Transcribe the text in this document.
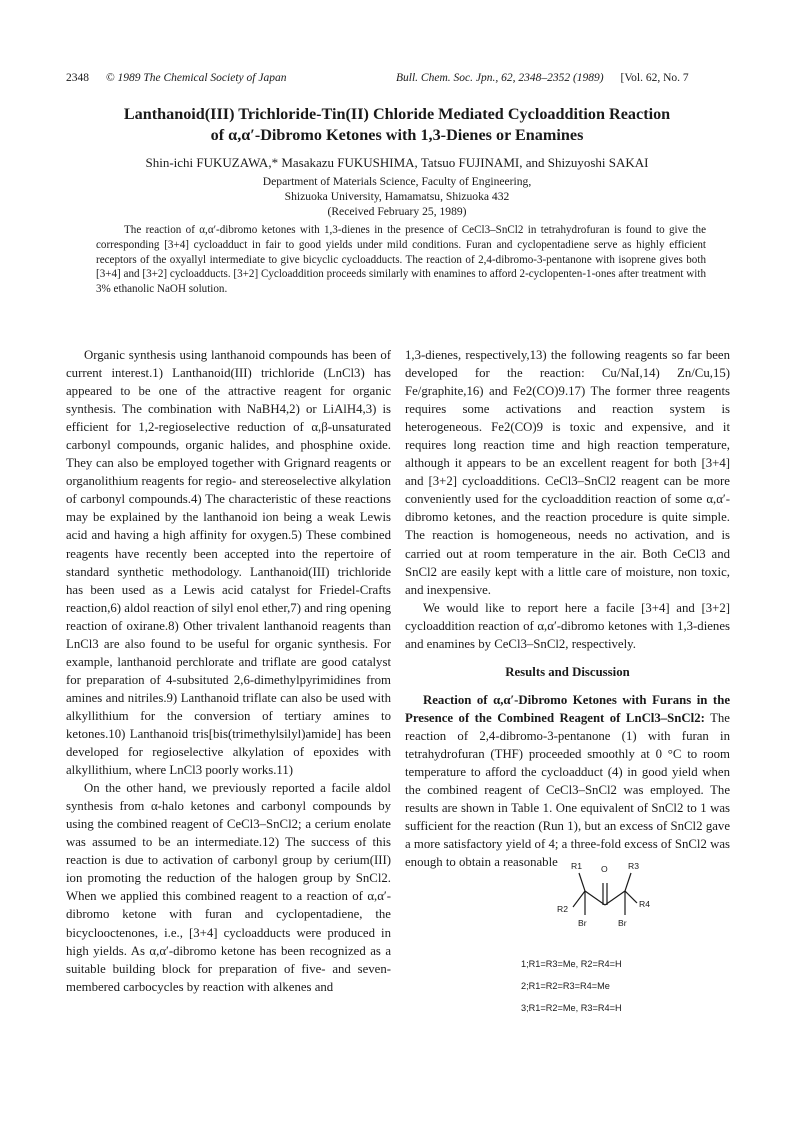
2348 © 1989 The Chemical Society of Japan	Bull. Chem. Soc. Jpn., 62, 2348–2352 (1989) [Vol. 62, No. 7
Lanthanoid(III) Trichloride-Tin(II) Chloride Mediated Cycloaddition Reaction
of α,α′-Dibromo Ketones with 1,3-Dienes or Enamines
Shin-ichi FUKUZAWA,* Masakazu FUKUSHIMA, Tatsuo FUJINAMI, and Shizuyoshi SAKAI
Department of Materials Science, Faculty of Engineering,
Shizuoka University, Hamamatsu, Shizuoka 432
(Received February 25, 1989)

The reaction of α,α′-dibromo ketones with 1,3-dienes in the presence of CeCl3–SnCl2 in tetrahydrofuran is found to give the corresponding [3+4] cycloadduct in fair to good yields under mild conditions. Furan and cyclopentadiene serve as highly efficient receptors of the oxyallyl intermediate to give bicyclic cycloadducts. The reaction of 2,4-dibromo-3-pentanone with isoprene gives both [3+4] and [3+2] cycloadducts. [3+2] Cycloaddition proceeds similarly with enamines to afford 2-cyclopenten-1-ones after treatment with 3% ethanolic NaOH solution.

Organic synthesis using lanthanoid compounds has been of current interest.1) Lanthanoid(III) trichloride (LnCl3) has appeared to be one of the attractive reagent for organic synthesis. The combination with NaBH4,2) or LiAlH4,3) is efficient for 1,2-regioselective reduction of α,β-unsaturated carbonyl compounds, organic halides, and phosphine oxide. They can also be employed together with Grignard reagents or organolithium reagents for regio- and stereoselective alkylation of carbonyl compounds.4) The characteristic of these reactions may be explained by the lanthanoid ion being a weak Lewis acid and having a high affinity for oxygen.5) These combined reagents have recently been accepted into the repertoire of standard synthetic methodology. Lanthanoid(III) trichloride has been used as a Lewis acid catalyst for Friedel-Crafts reaction,6) aldol reaction of silyl enol ether,7) and ring opening reaction of oxirane.8) Other trivalent lanthanoid reagents than LnCl3 are also found to be useful for organic synthesis. For example, lanthanoid perchlorate and triflate are good catalyst for preparation of 4-subsituted 2,6-dimethylpyrimidines from amines and nitriles.9) Lanthanoid triflate can also be used with alkyllithium for the conversion of tertiary amines to ketones.10) Lanthanoid tris[bis(trimethylsilyl)amide] has been developed for regioselective alkylation of epoxides with alkyllithium, where LnCl3 poorly works.11)

On the other hand, we previously reported a facile aldol synthesis from α-halo ketones and carbonyl compounds by using the combined reagent of CeCl3–SnCl2; a cerium enolate was assumed to be an intermediate.12) The success of this reaction is due to activation of carbonyl group by cerium(III) ion promoting the reduction of the halogen group by SnCl2. When we applied this combined reagent to a reaction of α,α′-dibromo ketone with furan and cyclopentadiene, the bicyclooctenones, i.e., [3+4] cycloadducts were produced in high yields. As α,α′-dibromo ketone has been recognized as a suitable building block for preparation of five- and seven-membered carbocycles by reaction with alkenes and

1,3-dienes, respectively,13) the following reagents so far been developed for the reaction: Cu/NaI,14) Zn/Cu,15) Fe/graphite,16) and Fe2(CO)9.17) The former three reagents requires some activations and reaction system is heterogeneous. Fe2(CO)9 is toxic and expensive, and it requires long reaction time and high reaction temperature, although it appears to be an excellent reagent for both [3+4] and [3+2] cycloadditions. CeCl3–SnCl2 reagent can be more conveniently used for the cycloaddition reaction of some α,α′-dibromo ketones, and the reaction procedure is quite simple. The reaction is homogeneous, needs no activation, and is carried out at room temperature in the air. Both CeCl3 and SnCl2 are easily kept with a little care of moisture, non toxic, and inexpensive.

We would like to report here a facile [3+4] and [3+2] cycloaddition reaction of α,α′-dibromo ketones with 1,3-dienes and enamines by CeCl3–SnCl2, respectively.

Results and Discussion

Reaction of α,α′-Dibromo Ketones with Furans in the Presence of the Combined Reagent of LnCl3–SnCl2: The reaction of 2,4-dibromo-3-pentanone (1) with furan in tetrahydrofuran (THF) proceeded smoothly at 0 °C to room temperature to afford the cycloadduct (4) in good yield when the combined reagent of CeCl3–SnCl2 was employed. The results are shown in Table 1. One equivalent of SnCl2 to 1 was sufficient for the reaction (Run 1), but an excess of SnCl2 gave a more satisfactory yield of 4; a three-fold excess of SnCl2 was enough to obtain a reasonable	O
R1
R2
R3
R4
Br	Br
1;R1=R3=Me, R2=R4=H
2;R1=R2=R3=R4=Me
3;R1=R2=Me, R3=R4=H
